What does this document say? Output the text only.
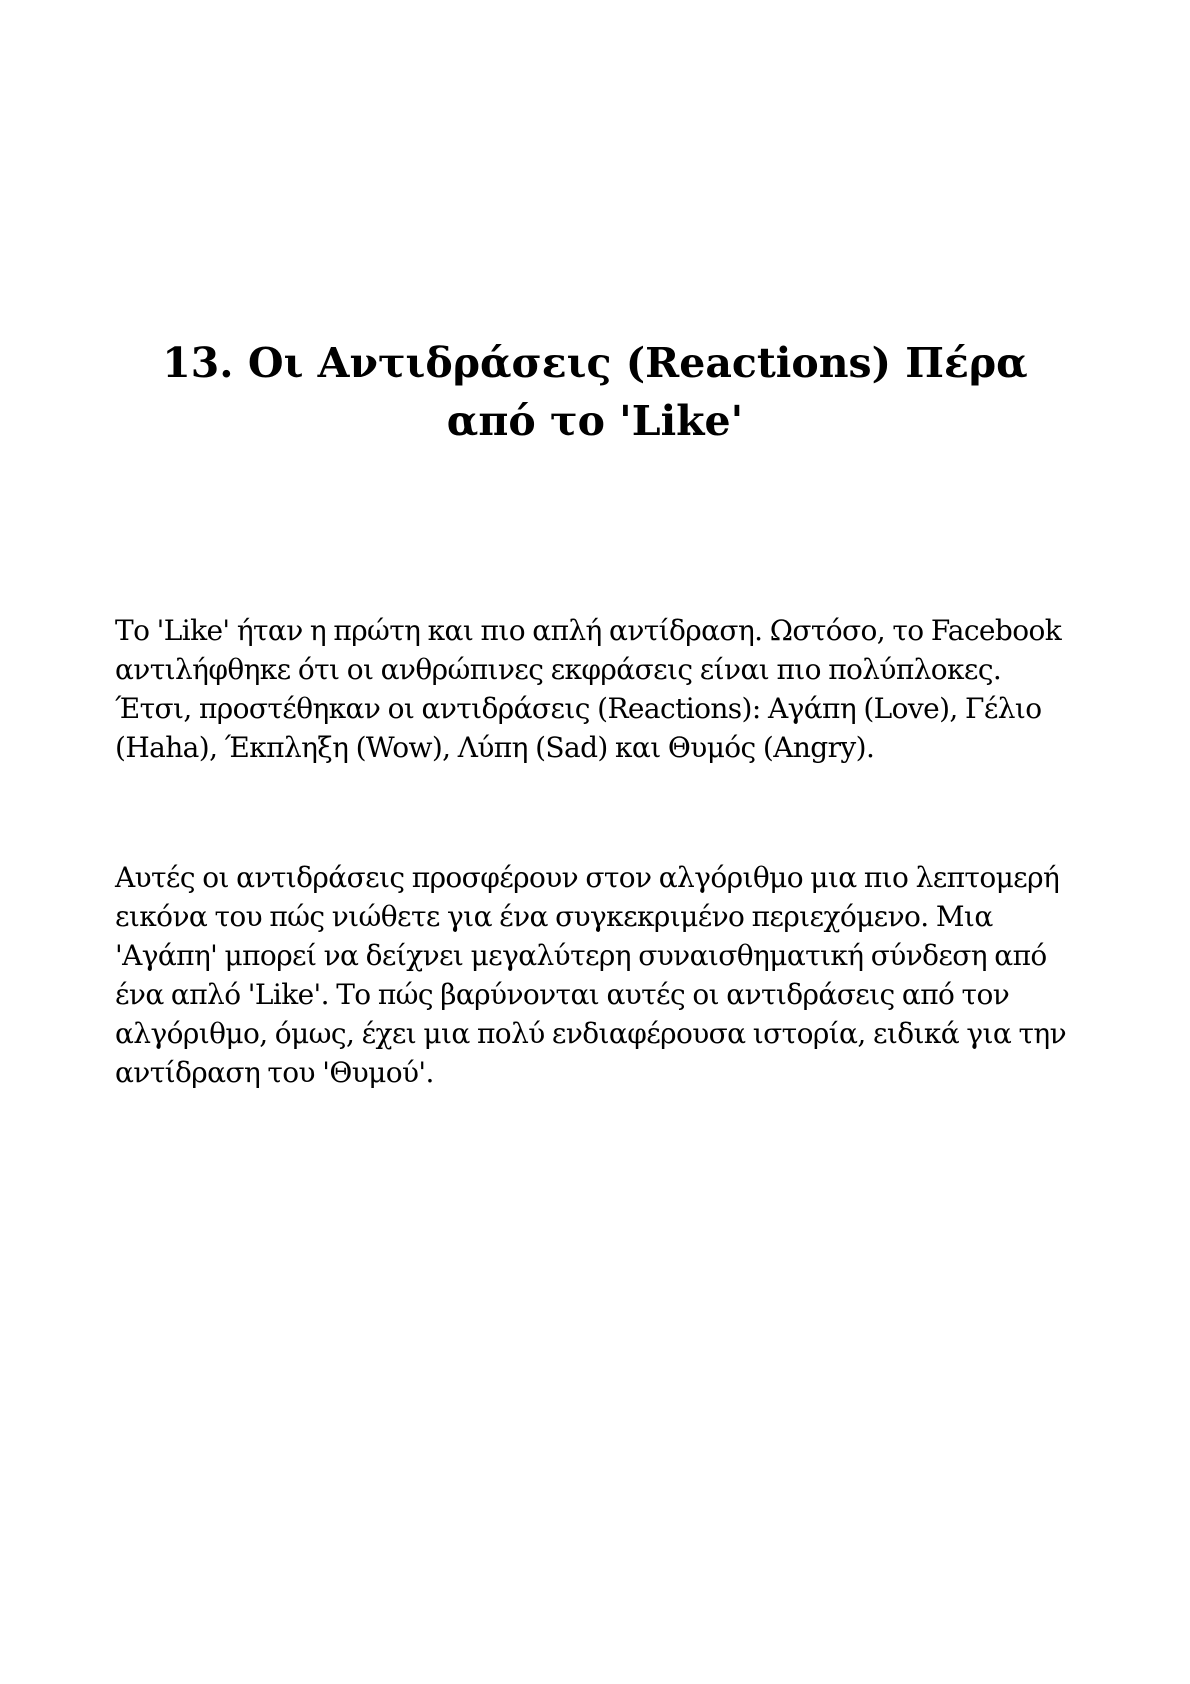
13. Οι Αντιδράσεις (Reactions) Πέρα από το 'Like'

Το 'Like' ήταν η πρώτη και πιο απλή αντίδραση. Ωστόσο, το Facebook αντιλήφθηκε ότι οι ανθρώπινες εκφράσεις είναι πιο πολύπλοκες. Έτσι, προστέθηκαν οι αντιδράσεις (Reactions): Αγάπη (Love), Γέλιο (Haha), Έκπληξη (Wow), Λύπη (Sad) και Θυμός (Angry).

Αυτές οι αντιδράσεις προσφέρουν στον αλγόριθμο μια πιο λεπτομερή εικόνα του πώς νιώθετε για ένα συγκεκριμένο περιεχόμενο. Μια 'Αγάπη' μπορεί να δείχνει μεγαλύτερη συναισθηματική σύνδεση από ένα απλό 'Like'. Το πώς βαρύνονται αυτές οι αντιδράσεις από τον αλγόριθμο, όμως, έχει μια πολύ ενδιαφέρουσα ιστορία, ειδικά για την αντίδραση του 'Θυμού'.
